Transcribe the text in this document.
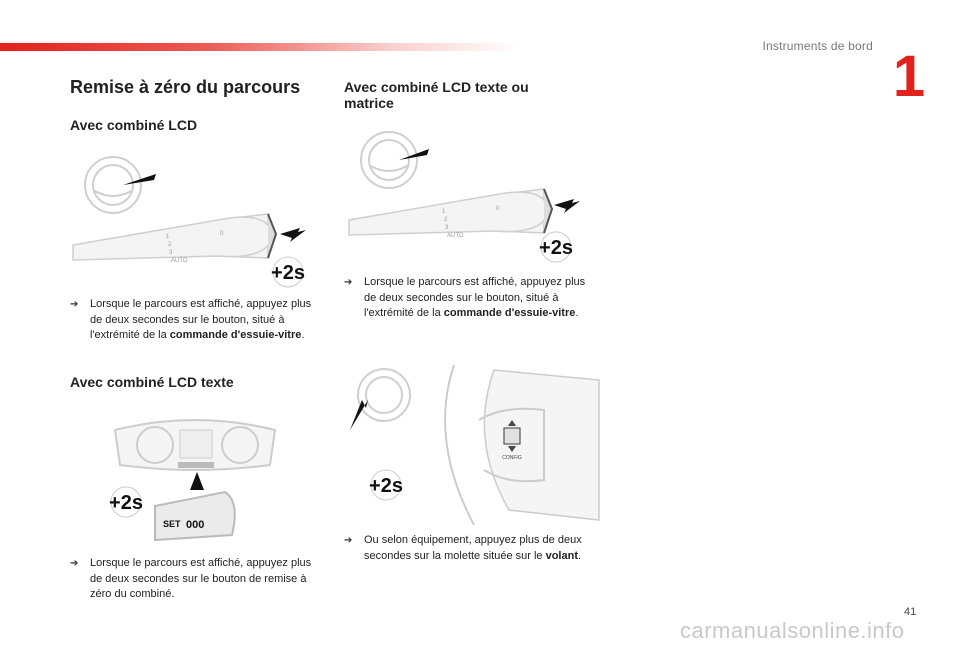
Instruments de bord 1
Remise à zéro du parcours
Avec combiné LCD
1
2
3
AUTO
0
+2s
➔	Lorsque le parcours est affiché, appuyez plus de deux secondes sur le bouton, situé à l'extrémité de la commande d'essuie-vitre.
Avec combiné LCD texte
+2s
SET 000
➔	Lorsque le parcours est affiché, appuyez plus de deux secondes sur le bouton de remise à zéro du combiné.
Avec combiné LCD texte ou matrice
1
2
3
AUTO
0
+2s
➔	Lorsque le parcours est affiché, appuyez plus de deux secondes sur le bouton, situé à l'extrémité de la commande d'essuie-vitre.
CONFIG
+2s
➔	Ou selon équipement, appuyez plus de deux secondes sur la molette située sur le volant.
41
carmanualsonline.info
